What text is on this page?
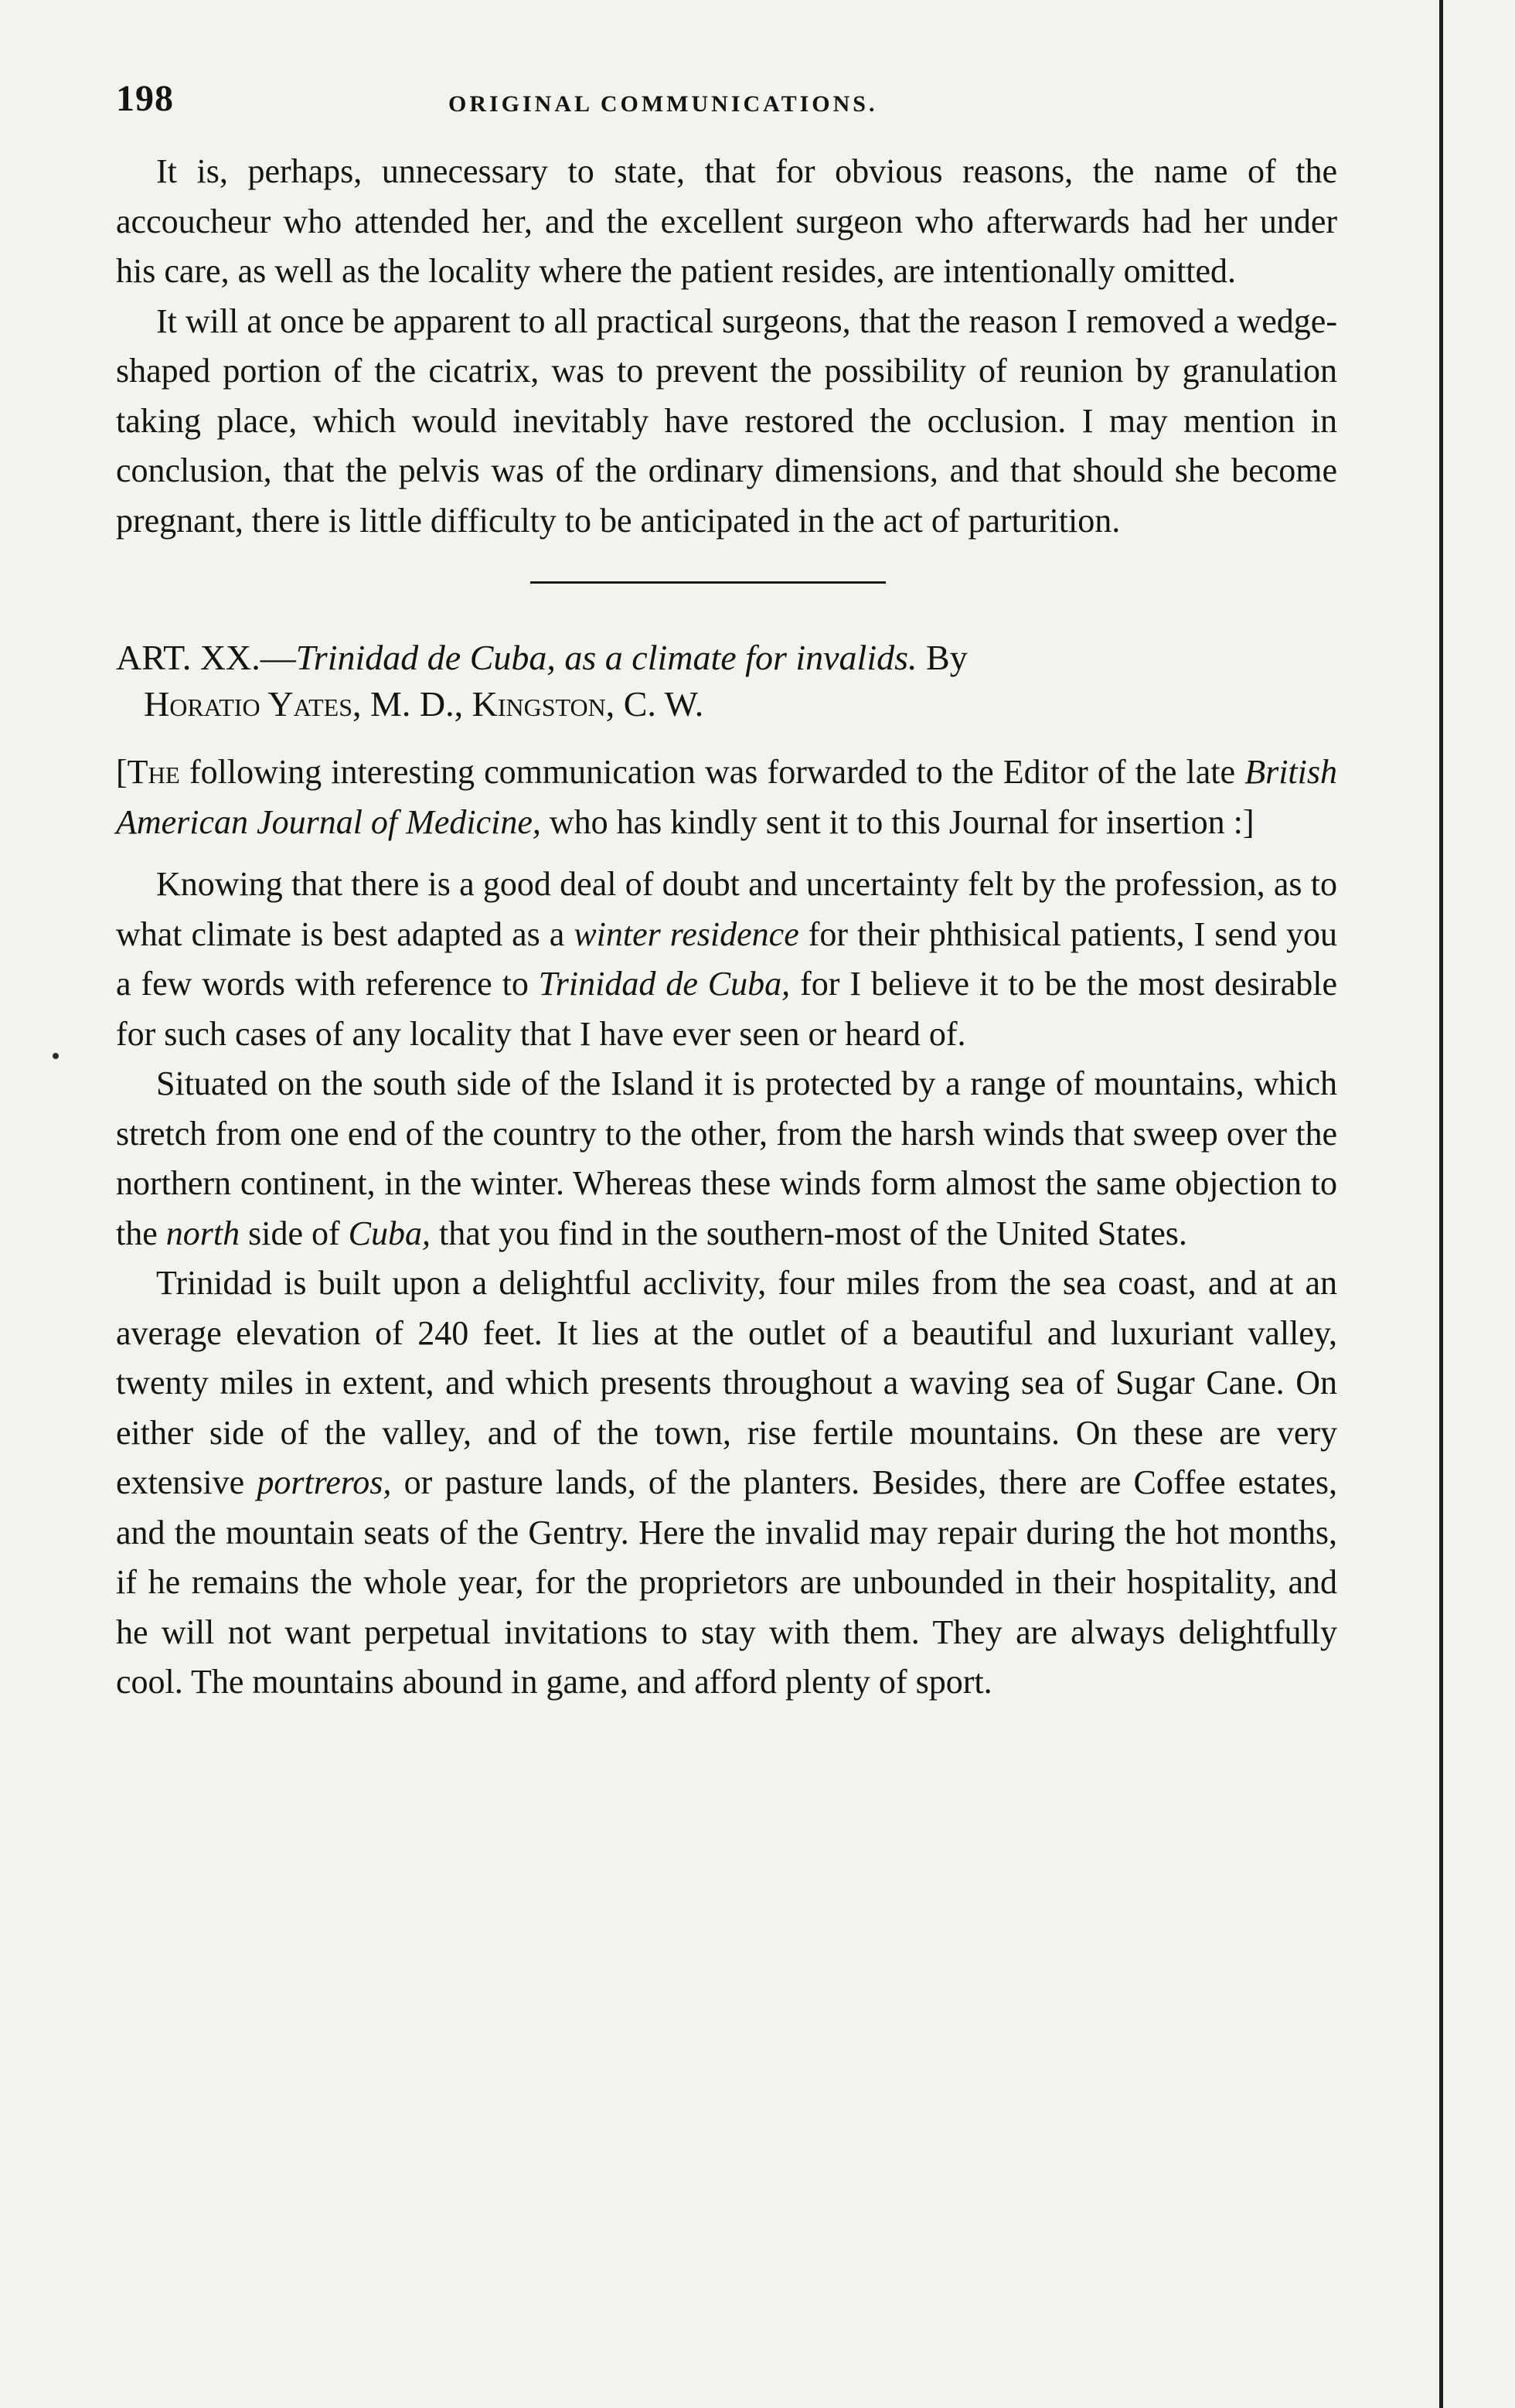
198	ORIGINAL COMMUNICATIONS.

It is, perhaps, unnecessary to state, that for obvious reasons, the name of the accoucheur who attended her, and the excellent surgeon who afterwards had her under his care, as well as the locality where the patient resides, are intentionally omitted.

It will at once be apparent to all practical surgeons, that the reason I removed a wedge-shaped portion of the cicatrix, was to prevent the possibility of reunion by granulation taking place, which would inevitably have restored the occlusion. I may mention in conclusion, that the pelvis was of the ordinary dimensions, and that should she become pregnant, there is little difficulty to be anticipated in the act of parturition.

ART. XX.—Trinidad de Cuba, as a climate for invalids. By
Horatio Yates, M. D., Kingston, C. W.

[The following interesting communication was forwarded to the Editor of the late British American Journal of Medicine, who has kindly sent it to this Journal for insertion :]

Knowing that there is a good deal of doubt and uncertainty felt by the profession, as to what climate is best adapted as a winter residence for their phthisical patients, I send you a few words with reference to Trinidad de Cuba, for I believe it to be the most desirable for such cases of any locality that I have ever seen or heard of.

Situated on the south side of the Island it is protected by a range of mountains, which stretch from one end of the country to the other, from the harsh winds that sweep over the northern continent, in the winter. Whereas these winds form almost the same objection to the north side of Cuba, that you find in the southern-most of the United States.

Trinidad is built upon a delightful acclivity, four miles from the sea coast, and at an average elevation of 240 feet. It lies at the outlet of a beautiful and luxuriant valley, twenty miles in extent, and which presents throughout a waving sea of Sugar Cane. On either side of the valley, and of the town, rise fertile mountains. On these are very extensive portreros, or pasture lands, of the planters. Besides, there are Coffee estates, and the mountain seats of the Gentry. Here the invalid may repair during the hot months, if he remains the whole year, for the proprietors are unbounded in their hospitality, and he will not want perpetual invitations to stay with them. They are always delightfully cool. The mountains abound in game, and afford plenty of sport.
